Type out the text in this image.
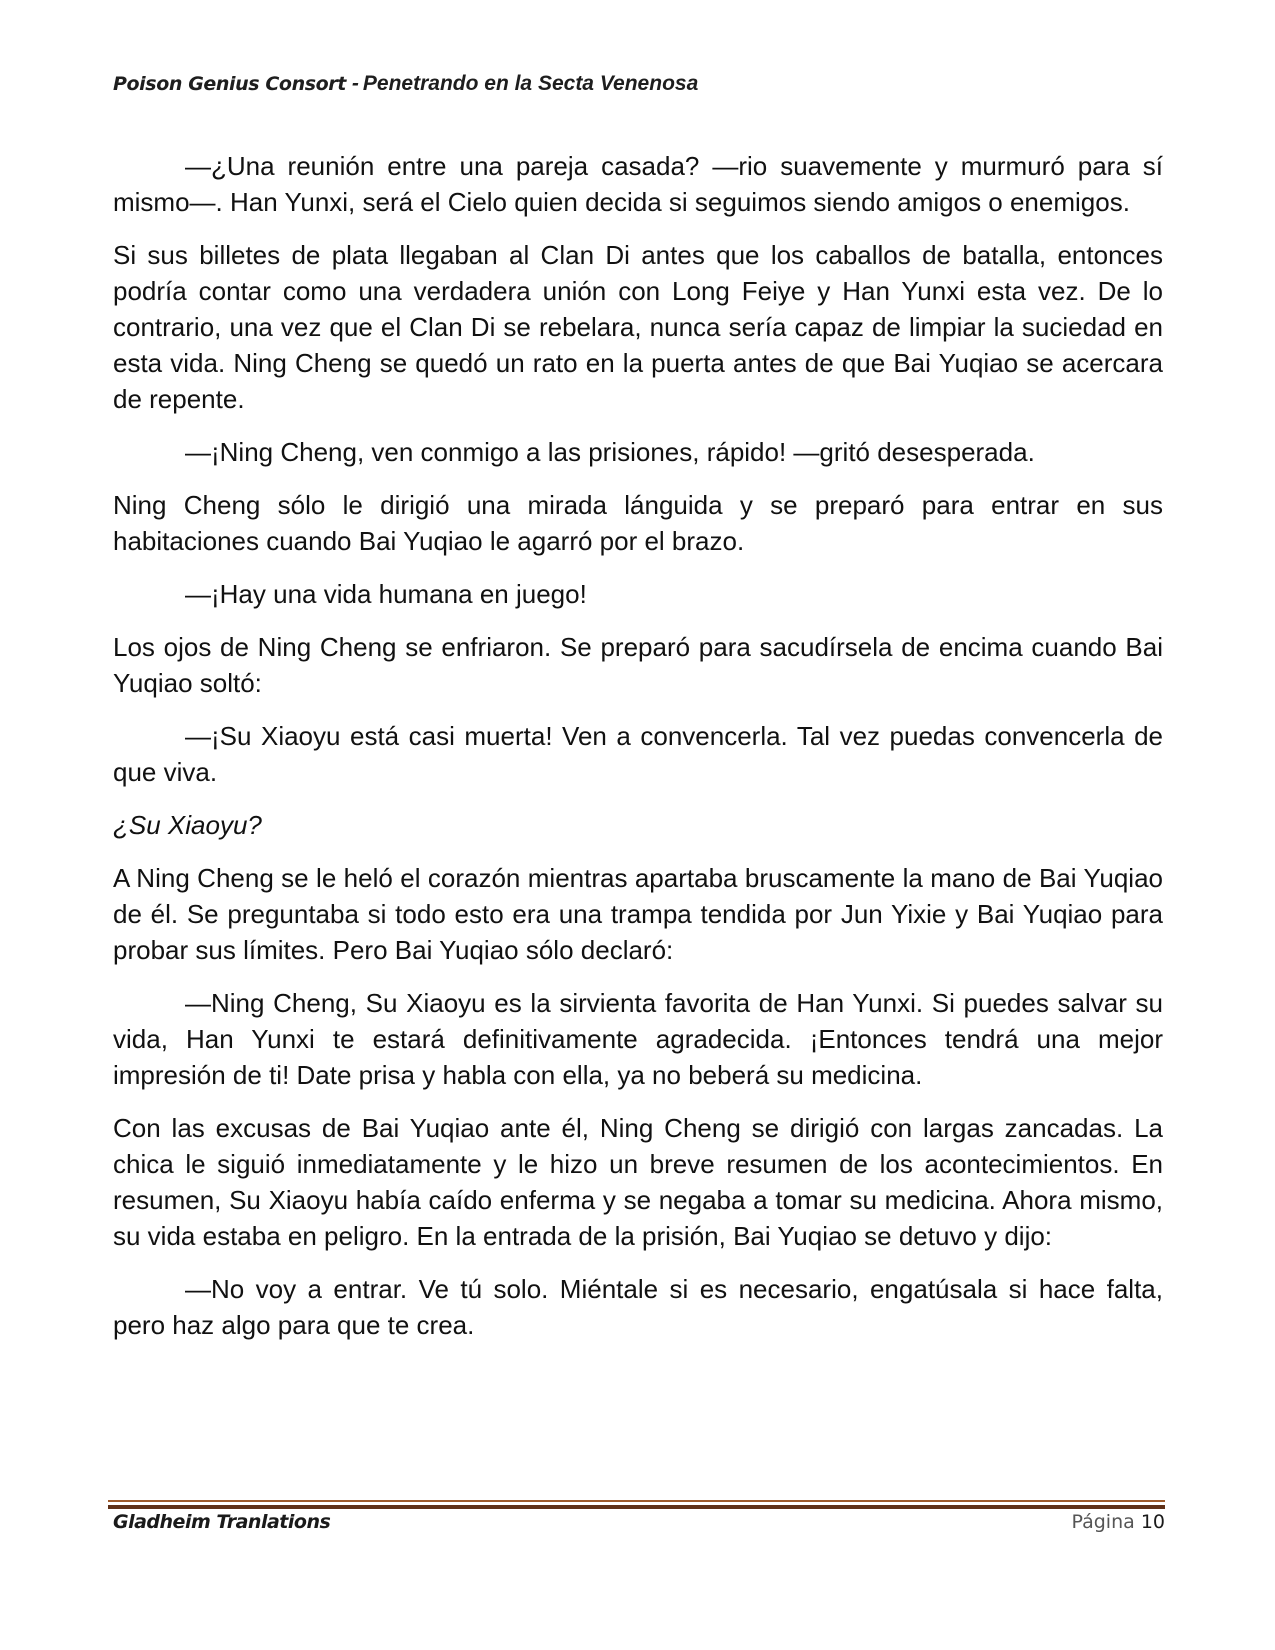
Poison Genius Consort - Penetrando en la Secta Venenosa

—¿Una reunión entre una pareja casada? —rio suavemente y murmuró para sí mismo—. Han Yunxi, será el Cielo quien decida si seguimos siendo amigos o enemigos.

Si sus billetes de plata llegaban al Clan Di antes que los caballos de batalla, entonces podría contar como una verdadera unión con Long Feiye y Han Yunxi esta vez. De lo contrario, una vez que el Clan Di se rebelara, nunca sería capaz de limpiar la suciedad en esta vida. Ning Cheng se quedó un rato en la puerta antes de que Bai Yuqiao se acercara de repente.

—¡Ning Cheng, ven conmigo a las prisiones, rápido! —gritó desesperada.

Ning Cheng sólo le dirigió una mirada lánguida y se preparó para entrar en sus habitaciones cuando Bai Yuqiao le agarró por el brazo.

—¡Hay una vida humana en juego!

Los ojos de Ning Cheng se enfriaron. Se preparó para sacudírsela de encima cuando Bai Yuqiao soltó:

—¡Su Xiaoyu está casi muerta! Ven a convencerla. Tal vez puedas convencerla de que viva.

¿Su Xiaoyu?

A Ning Cheng se le heló el corazón mientras apartaba bruscamente la mano de Bai Yuqiao de él. Se preguntaba si todo esto era una trampa tendida por Jun Yixie y Bai Yuqiao para probar sus límites. Pero Bai Yuqiao sólo declaró:

—Ning Cheng, Su Xiaoyu es la sirvienta favorita de Han Yunxi. Si puedes salvar su vida, Han Yunxi te estará definitivamente agradecida. ¡Entonces tendrá una mejor impresión de ti! Date prisa y habla con ella, ya no beberá su medicina.

Con las excusas de Bai Yuqiao ante él, Ning Cheng se dirigió con largas zancadas. La chica le siguió inmediatamente y le hizo un breve resumen de los acontecimientos. En resumen, Su Xiaoyu había caído enferma y se negaba a tomar su medicina. Ahora mismo, su vida estaba en peligro. En la entrada de la prisión, Bai Yuqiao se detuvo y dijo:

—No voy a entrar. Ve tú solo. Miéntale si es necesario, engatúsala si hace falta, pero haz algo para que te crea.

Gladheim Tranlations	Página 10
